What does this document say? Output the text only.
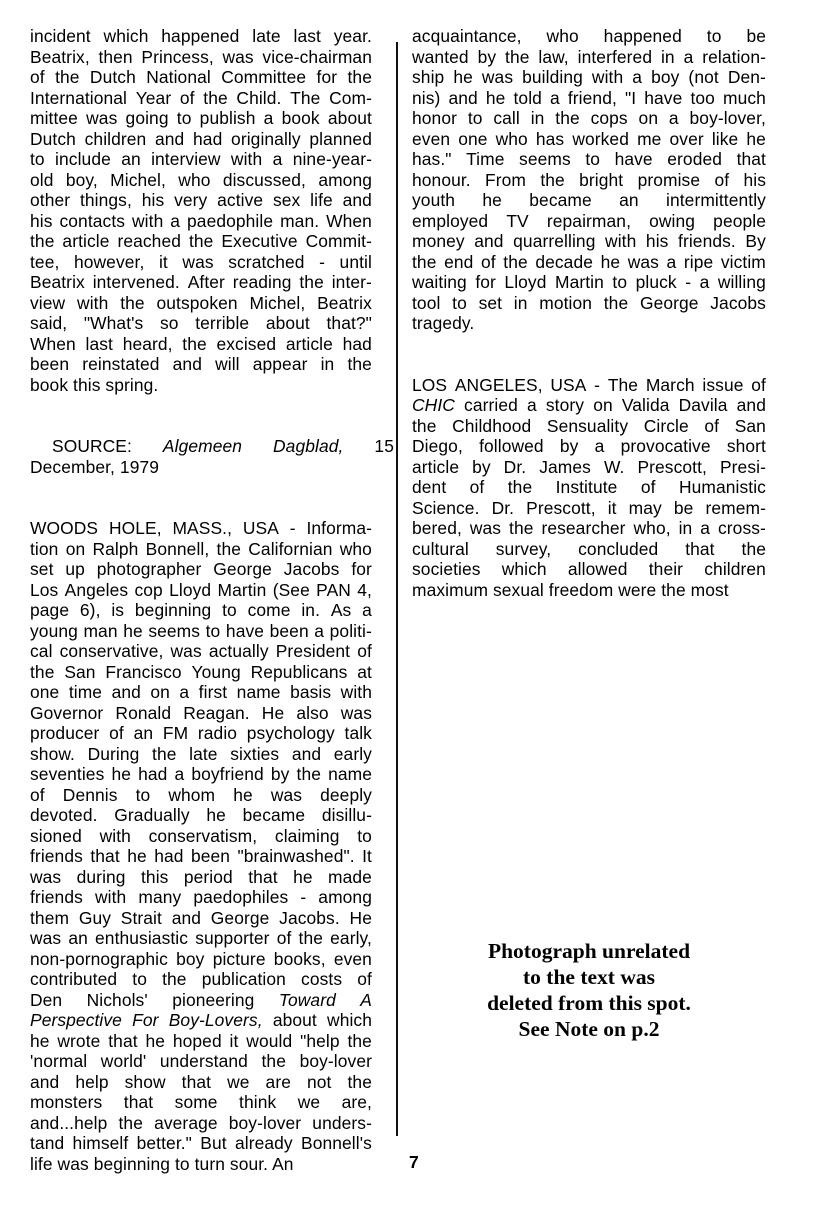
incident which happened late last year.
Beatrix, then Princess, was vice-chairman
of the Dutch National Committee for the
International Year of the Child. The Com-
mittee was going to publish a book about
Dutch children and had originally planned
to include an interview with a nine-year-
old boy, Michel, who discussed, among
other things, his very active sex life and
his contacts with a paedophile man. When
the article reached the Executive Commit-
tee, however, it was scratched - until
Beatrix intervened. After reading the inter-
view with the outspoken Michel, Beatrix
said, "What's so terrible about that?"
When last heard, the excised article had
been reinstated and will appear in the
book this spring.
SOURCE: Algemeen Dagblad, 15
December, 1979
WOODS HOLE, MASS., USA - Informa-
tion on Ralph Bonnell, the Californian who
set up photographer George Jacobs for
Los Angeles cop Lloyd Martin (See PAN 4,
page 6), is beginning to come in. As a
young man he seems to have been a politi-
cal conservative, was actually President of
the San Francisco Young Republicans at
one time and on a first name basis with
Governor Ronald Reagan. He also was
producer of an FM radio psychology talk
show. During the late sixties and early
seventies he had a boyfriend by the name
of Dennis to whom he was deeply
devoted. Gradually he became disillu-
sioned with conservatism, claiming to
friends that he had been "brainwashed". It
was during this period that he made
friends with many paedophiles - among
them Guy Strait and George Jacobs. He
was an enthusiastic supporter of the early,
non-pornographic boy picture books, even
contributed to the publication costs of
Den Nichols' pioneering Toward A
Perspective For Boy-Lovers, about which
he wrote that he hoped it would "help the
'normal world' understand the boy-lover
and help show that we are not the
monsters that some think we are,
and...help the average boy-lover unders-
tand himself better." But already Bonnell's
life was beginning to turn sour. An
acquaintance, who happened to be
wanted by the law, interfered in a relation-
ship he was building with a boy (not Den-
nis) and he told a friend, "I have too much
honor to call in the cops on a boy-lover,
even one who has worked me over like he
has." Time seems to have eroded that
honour. From the bright promise of his
youth he became an intermittently
employed TV repairman, owing people
money and quarrelling with his friends. By
the end of the decade he was a ripe victim
waiting for Lloyd Martin to pluck - a willing
tool to set in motion the George Jacobs
tragedy.
LOS ANGELES, USA - The March issue of
CHIC carried a story on Valida Davila and
the Childhood Sensuality Circle of San
Diego, followed by a provocative short
article by Dr. James W. Prescott, Presi-
dent of the Institute of Humanistic
Science. Dr. Prescott, it may be remem-
bered, was the researcher who, in a cross-
cultural survey, concluded that the
societies which allowed their children
maximum sexual freedom were the most
Photograph unrelated
to the text was
deleted from this spot.
See Note on p.2
7
